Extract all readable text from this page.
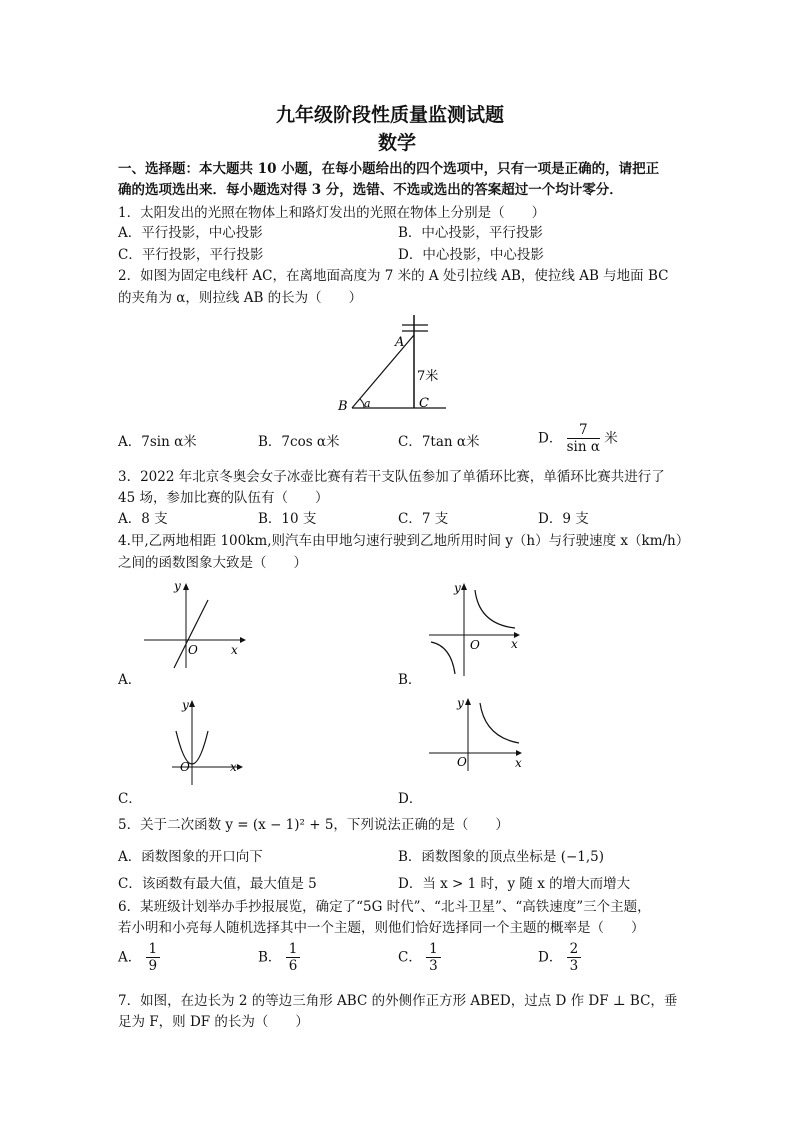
九年级阶段性质量监测试题
数学
一、选择题：本大题共 10 小题，在每小题给出的四个选项中，只有一项是正确的，请把正
确的选项选出来．每小题选对得 3 分，选错、不选或选出的答案超过一个均计零分．
1．太阳发出的光照在物体上和路灯发出的光照在物体上分别是（　　）
A．平行投影，中心投影	B．中心投影，平行投影
C．平行投影，平行投影	D．中心投影，中心投影
2．如图为固定电线杆 AC，在离地面高度为 7 米的 A 处引拉线 AB，使拉线 AB 与地面 BC
的夹角为 α，则拉线 AB 的长为（　　）
A
B	C
a
7米
A．7sin α米	B．7cos α米	C．7tan α米	D． $\frac{7}{\text{sin α}}$ 米
3．2022 年北京冬奥会女子冰壶比赛有若干支队伍参加了单循环比赛，单循环比赛共进行了
45 场，参加比赛的队伍有（　　）
A．8 支	B．10 支	C．7 支	D．9 支
4.甲,乙两地相距 100km,则汽车由甲地匀速行驶到乙地所用时间 y（h）与行驶速度 x（km/h）
之间的函数图象大致是（　　）
y
x
O
y
x
O
A．	B．
y
x
O
y
x
O
C．	D．
5．关于二次函数 y = (x − 1)² + 5，下列说法正确的是（　　）
A．函数图象的开口向下	B．函数图象的顶点坐标是 (−1,5)
C．该函数有最大值，最大值是 5	D．当 x > 1 时，y 随 x 的增大而增大
6．某班级计划举办手抄报展览，确定了“5G 时代”、“北斗卫星”、“高铁速度”三个主题，
若小明和小亮每人随机选择其中一个主题，则他们恰好选择同一个主题的概率是（　　）
A． $\frac{1}{9}$	B． $\frac{1}{6}$	C． $\frac{1}{3}$	D． $\frac{2}{3}$
7．如图，在边长为 2 的等边三角形 ABC 的外侧作正方形 ABED，过点 D 作 DF ⊥ BC，垂
足为 F，则 DF 的长为（　　）
